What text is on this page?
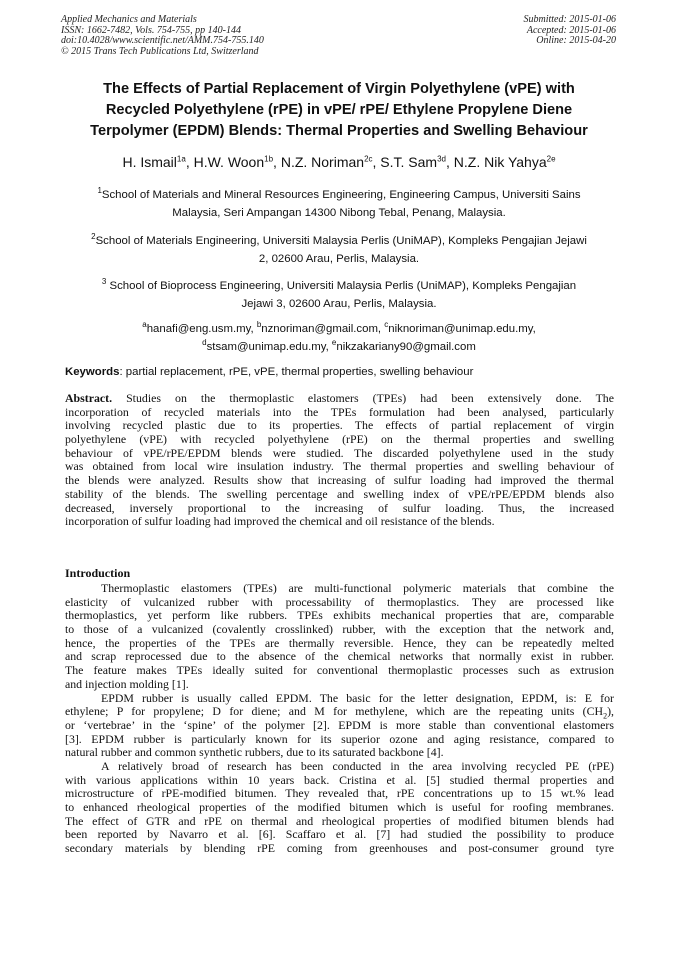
Applied Mechanics and Materials
ISSN: 1662-7482, Vols. 754-755, pp 140-144
doi:10.4028/www.scientific.net/AMM.754-755.140
© 2015 Trans Tech Publications Ltd, Switzerland
Submitted: 2015-01-06
Accepted: 2015-01-06
Online: 2015-04-20
The Effects of Partial Replacement of Virgin Polyethylene (vPE) with
Recycled Polyethylene (rPE) in vPE/ rPE/ Ethylene Propylene Diene
Terpolymer (EPDM) Blends: Thermal Properties and Swelling Behaviour
H. Ismail$^{1a}$, H.W. Woon$^{1b}$, N.Z. Noriman$^{2c}$, S.T. Sam$^{3d}$, N.Z. Nik Yahya$^{2e}$
$^1$School of Materials and Mineral Resources Engineering, Engineering Campus, Universiti Sains
Malaysia, Seri Ampangan 14300 Nibong Tebal, Penang, Malaysia.
$^2$School of Materials Engineering, Universiti Malaysia Perlis (UniMAP), Kompleks Pengajian Jejawi
2, 02600 Arau, Perlis, Malaysia.
$^3$ School of Bioprocess Engineering, Universiti Malaysia Perlis (UniMAP), Kompleks Pengajian
Jejawi 3, 02600 Arau, Perlis, Malaysia.
$^a$hanafi@eng.usm.my, $^b$nznoriman@gmail.com, $^c$niknoriman@unimap.edu.my,
$^d$stsam@unimap.edu.my, $^e$nikzakariany90@gmail.com
Keywords: partial replacement, rPE, vPE, thermal properties, swelling behaviour
Abstract. Studies on the thermoplastic elastomers (TPEs) had been extensively done. The
incorporation of recycled materials into the TPEs formulation had been analysed, particularly
involving recycled plastic due to its properties. The effects of partial replacement of virgin
polyethylene (vPE) with recycled polyethylene (rPE) on the thermal properties and swelling
behaviour of vPE/rPE/EPDM blends were studied. The discarded polyethylene used in the study
was obtained from local wire insulation industry. The thermal properties and swelling behaviour of
the blends were analyzed. Results show that increasing of sulfur loading had improved the thermal
stability of the blends. The swelling percentage and swelling index of vPE/rPE/EPDM blends also
decreased, inversely proportional to the increasing of sulfur loading. Thus, the increased
incorporation of sulfur loading had improved the chemical and oil resistance of the blends.
Introduction
Thermoplastic elastomers (TPEs) are multi-functional polymeric materials that combine the
elasticity of vulcanized rubber with processability of thermoplastics. They are processed like
thermoplastics, yet perform like rubbers. TPEs exhibits mechanical properties that are, comparable
to those of a vulcanized (covalently crosslinked) rubber, with the exception that the network and,
hence, the properties of the TPEs are thermally reversible. Hence, they can be repeatedly melted
and scrap reprocessed due to the absence of the chemical networks that normally exist in rubber.
The feature makes TPEs ideally suited for conventional thermoplastic processes such as extrusion
and injection molding [1].
EPDM rubber is usually called EPDM. The basic for the letter designation, EPDM, is: E for
ethylene; P for propylene; D for diene; and M for methylene, which are the repeating units $(CH_2)$,
or ‘vertebrae’ in the ‘spine’ of the polymer [2]. EPDM is more stable than conventional elastomers
[3]. EPDM rubber is particularly known for its superior ozone and aging resistance, compared to
natural rubber and common synthetic rubbers, due to its saturated backbone [4].
A relatively broad of research has been conducted in the area involving recycled PE (rPE)
with various applications within 10 years back. Cristina et al. [5] studied thermal properties and
microstructure of rPE-modified bitumen. They revealed that, rPE concentrations up to 15 wt.% lead
to enhanced rheological properties of the modified bitumen which is useful for roofing membranes.
The effect of GTR and rPE on thermal and rheological properties of modified bitumen blends had
been reported by Navarro et al. [6]. Scaffaro et al. [7] had studied the possibility to produce
secondary materials by blending rPE coming from greenhouses and post-consumer ground tyre
